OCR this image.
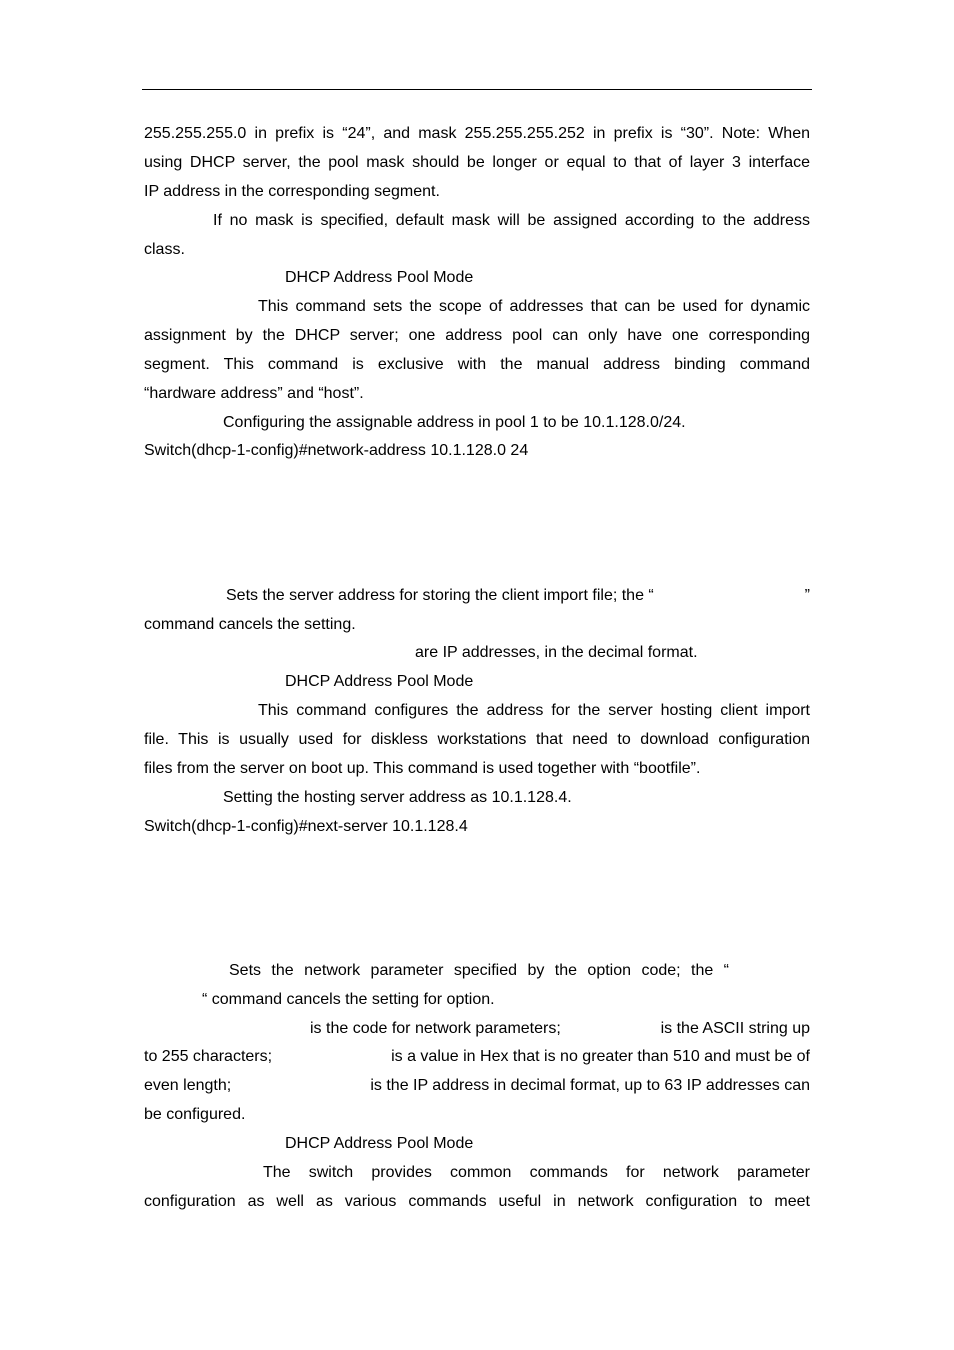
255.255.255.0 in prefix is “24”, and mask 255.255.255.252 in prefix is “30”. Note: When
using DHCP server, the pool mask should be longer or equal to that of layer 3 interface
IP address in the corresponding segment.
If no mask is specified, default mask will be assigned according to the address
class.
DHCP Address Pool Mode
This command sets the scope of addresses that can be used for dynamic
assignment by the DHCP server; one address pool can only have one corresponding
segment. This command is exclusive with the manual address binding command
“hardware address” and “host”.
Configuring the assignable address in pool 1 to be 10.1.128.0/24.
Switch(dhcp-1-config)#network-address 10.1.128.0 24
Sets the server address for storing the client import file; the “	”
command cancels the setting.
are IP addresses, in the decimal format.
DHCP Address Pool Mode
This command configures the address for the server hosting client import
file. This is usually used for diskless workstations that need to download configuration
files from the server on boot up. This command is used together with “bootfile”.
Setting the hosting server address as 10.1.128.4.
Switch(dhcp-1-config)#next-server 10.1.128.4
Sets the network parameter specified by the option code; the “
“ command cancels the setting for option.
is the code for network parameters;	is the ASCII string up
to 255 characters;	is a value in Hex that is no greater than 510 and must be of
even length;	is the IP address in decimal format, up to 63 IP addresses can
be configured.
DHCP Address Pool Mode
The switch provides common commands for network parameter
configuration as well as various commands useful in network configuration to meet
